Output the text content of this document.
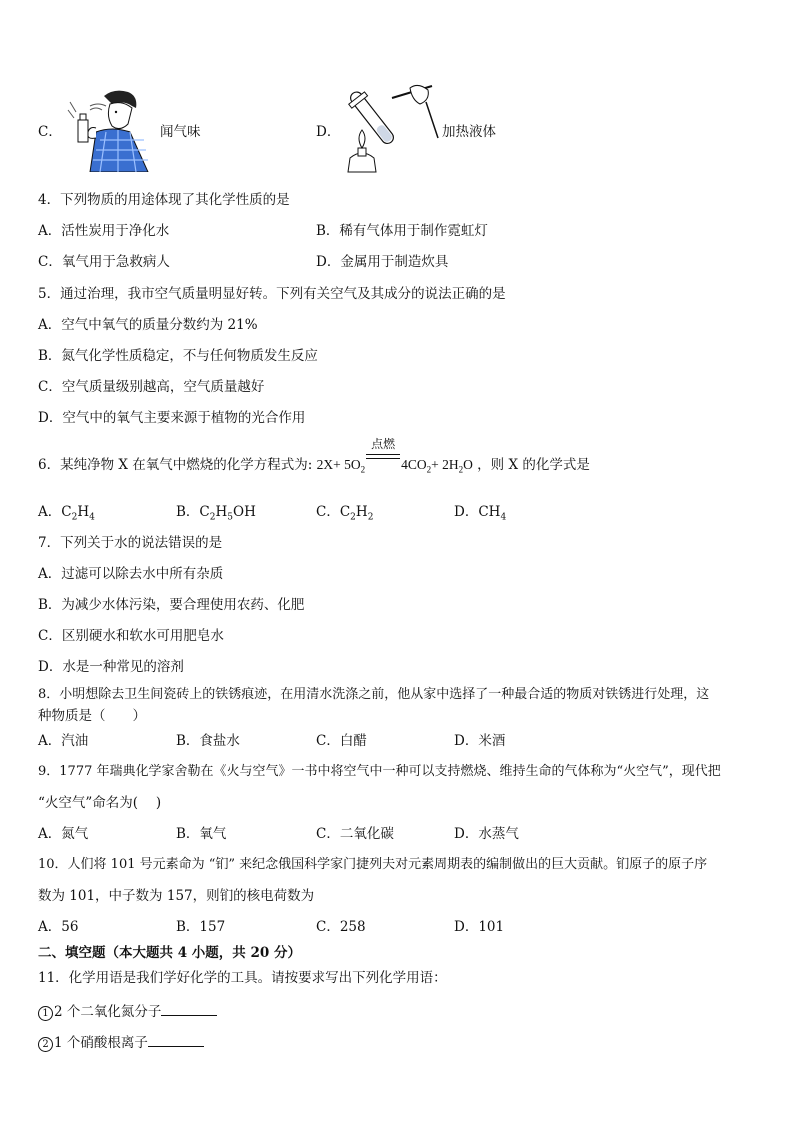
C．	闻气味	D．	加热液体
4．下列物质的用途体现了其化学性质的是
A．活性炭用于净化水	B．稀有气体用于制作霓虹灯
C．氧气用于急救病人	D．金属用于制造炊具
5．通过治理，我市空气质量明显好转。下列有关空气及其成分的说法正确的是
A．空气中氧气的质量分数约为 21%
B．氮气化学性质稳定，不与任何物质发生反应
C．空气质量级别越高，空气质量越好
D．空气中的氧气主要来源于植物的光合作用
6．某纯净物 X 在氧气中燃烧的化学方程式为: $2X+ 5O_2$
点燃
$4CO_2+ 2H_2O$ ，则 X 的化学式是
A．$C_2H_4$	B．$C_2H_5OH$	C．$C_2H_2$	D．$CH_4$
7．下列关于水的说法错误的是
A．过滤可以除去水中所有杂质
B．为减少水体污染，要合理使用农药、化肥
C．区别硬水和软水可用肥皂水
D．水是一种常见的溶剂
8．小明想除去卫生间瓷砖上的铁锈痕迹，在用清水洗涤之前，他从家中选择了一种最合适的物质对铁锈进行处理，这
种物质是（　　）
A．汽油	B．食盐水	C．白醋	D．米酒
9．1777 年瑞典化学家舍勒在《火与空气》一书中将空气中一种可以支持燃烧、维持生命的气体称为“火空气”，现代把
“火空气”命名为(　 )
A．氮气	B．氧气	C．二氧化碳	D．水蒸气
10．人们将 101 号元素命为 “钔” 来纪念俄国科学家门捷列夫对元素周期表的编制做出的巨大贡献。钔原子的原子序
数为 101，中子数为 157，则钔的核电荷数为
A．56	B．157	C．258	D．101
二、填空题（本大题共 4 小题，共 20 分）
11．化学用语是我们学好化学的工具。请按要求写出下列化学用语：
1 2 个二氧化氮分子
2 1 个硝酸根离子
